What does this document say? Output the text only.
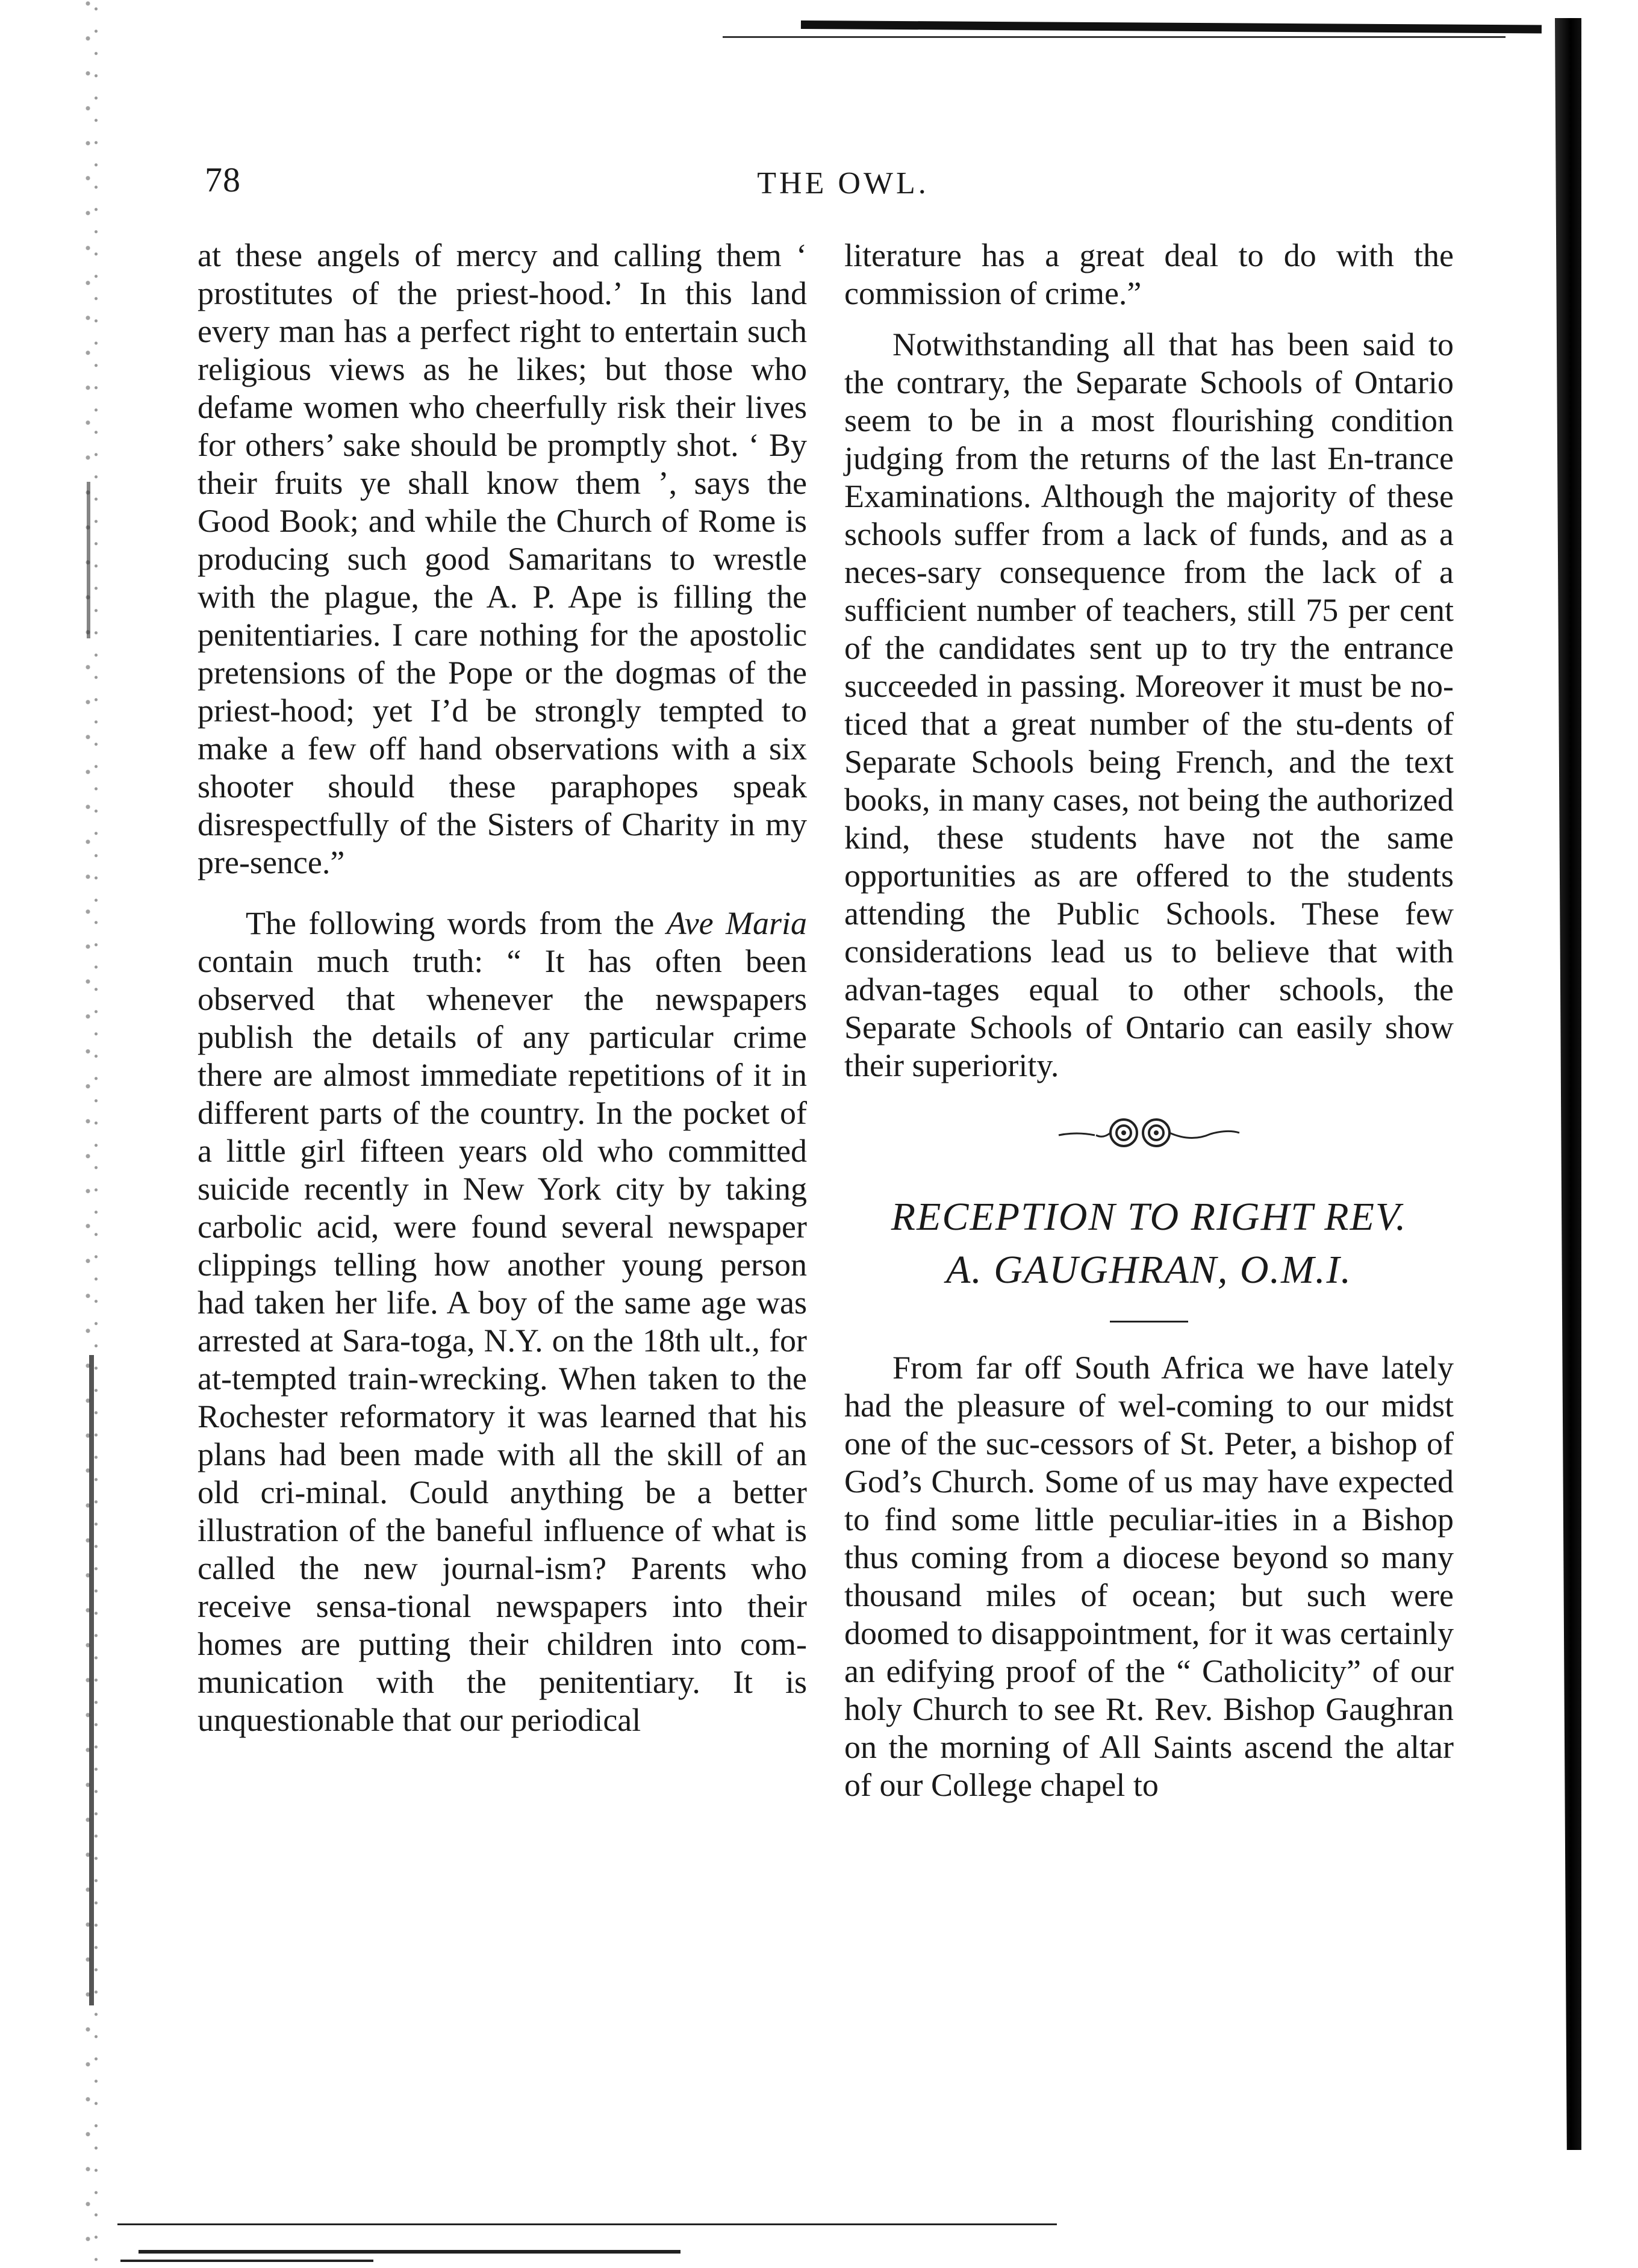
78	THE OWL.

at these angels of mercy and calling them ‘ prostitutes of the priest-hood.’ In this land every man has a perfect right to entertain such religious views as he likes; but those who defame women who cheerfully risk their lives for others’ sake should be promptly shot. ‘ By their fruits ye shall know them ’, says the Good Book; and while the Church of Rome is producing such good Samaritans to wrestle with the plague, the A. P. Ape is filling the penitentiaries. I care nothing for the apostolic pretensions of the Pope or the dogmas of the priest-hood; yet I’d be strongly tempted to make a few off hand observations with a six shooter should these paraphopes speak disrespectfully of the Sisters of Charity in my pre-sence.”

The following words from the Ave Maria contain much truth: “ It has often been observed that whenever the newspapers publish the details of any particular crime there are almost immediate repetitions of it in different parts of the country. In the pocket of a little girl fifteen years old who committed suicide recently in New York city by taking carbolic acid, were found several newspaper clippings telling how another young person had taken her life. A boy of the same age was arrested at Sara-toga, N.Y. on the 18th ult., for at-tempted train-wrecking. When taken to the Rochester reformatory it was learned that his plans had been made with all the skill of an old cri-minal. Could anything be a better illustration of the baneful influence of what is called the new journal-ism? Parents who receive sensa-tional newspapers into their homes are putting their children into com-munication with the penitentiary. It is unquestionable that our periodical

literature has a great deal to do with the commission of crime.”

Notwithstanding all that has been said to the contrary, the Separate Schools of Ontario seem to be in a most flourishing condition judging from the returns of the last En-trance Examinations. Although the majority of these schools suffer from a lack of funds, and as a neces-sary consequence from the lack of a sufficient number of teachers, still 75 per cent of the candidates sent up to try the entrance succeeded in passing. Moreover it must be no-ticed that a great number of the stu-dents of Separate Schools being French, and the text books, in many cases, not being the authorized kind, these students have not the same opportunities as are offered to the students attending the Public Schools. These few considerations lead us to believe that with advan-tages equal to other schools, the Separate Schools of Ontario can easily show their superiority.

RECEPTION TO RIGHT REV.
A. GAUGHRAN, O.M.I.

From far off South Africa we have lately had the pleasure of wel-coming to our midst one of the suc-cessors of St. Peter, a bishop of God’s Church. Some of us may have expected to find some little peculiar-ities in a Bishop thus coming from a diocese beyond so many thousand miles of ocean; but such were doomed to disappointment, for it was certainly an edifying proof of the “ Catholicity” of our holy Church to see Rt. Rev. Bishop Gaughran on the morning of All Saints ascend the altar of our College chapel to
